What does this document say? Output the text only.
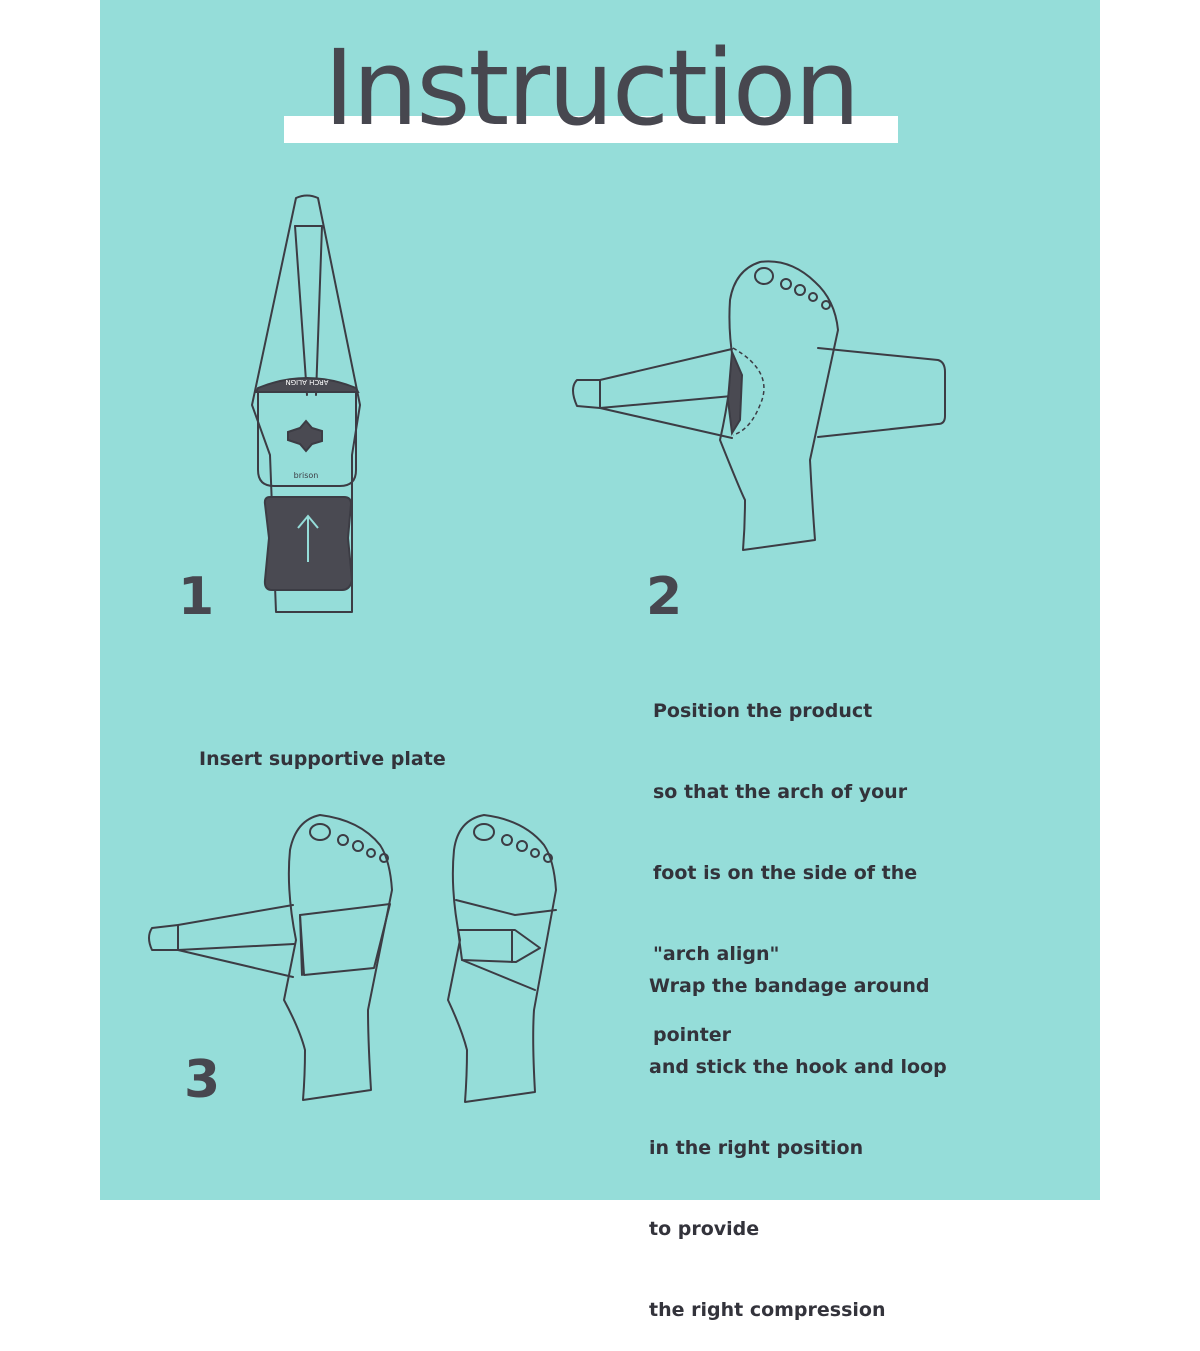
Instruction
ARCH ALIGN
brison
1	2
3

Insert supportive plate

Position the product

so that the arch of your

foot is on the side of the

"arch align"

pointer

Wrap the bandage around

and stick the hook and loop

in the right position

to provide

the right compression
